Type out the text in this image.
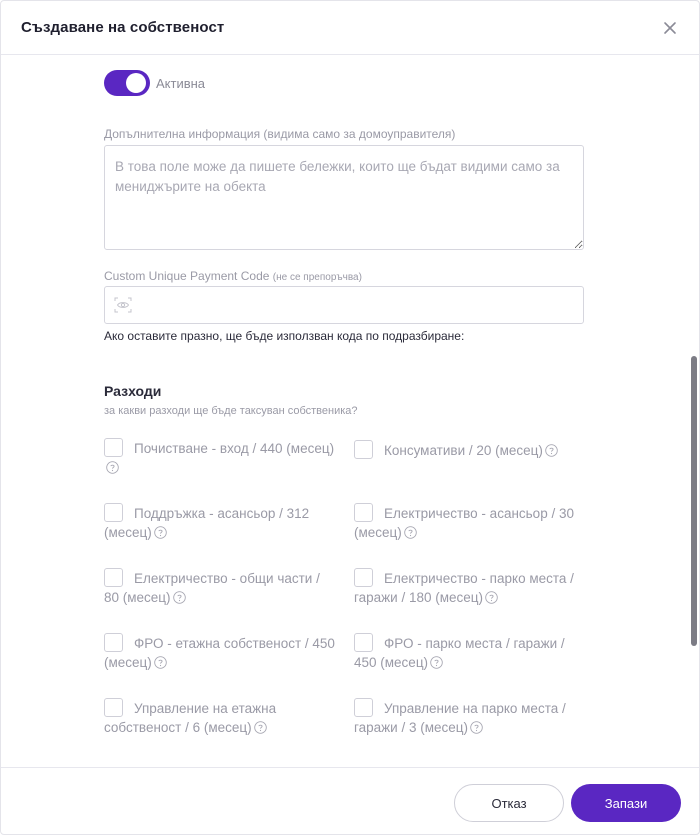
Създаване на собственост
Активна
Допълнителна информация (видима само за домоуправителя)
В това поле може да пишете бележки, които ще бъдат видими само за мениджърите на обекта
Custom Unique Payment Code (не се препоръчва)
Ако оставите празно, ще бъде използван кода по подразбиране:
Разходи
за какви разходи ще бъде таксуван собственика?
Почистване - вход / 440 (месец)	Консумативи / 20 (месец)
Поддръжка - асансьор / 312 (месец)
Електричество - асансьор / 30 (месец)
Електричество - общи части / 80 (месец)
Електричество - парко места / гаражи / 180 (месец)
ФРО - етажна собственост / 450 (месец)
ФРО - парко места / гаражи / 450 (месец)
Управление на етажна собственост / 6 (месец)
Управление на парко места / гаражи / 3 (месец)
Отказ	Запази
